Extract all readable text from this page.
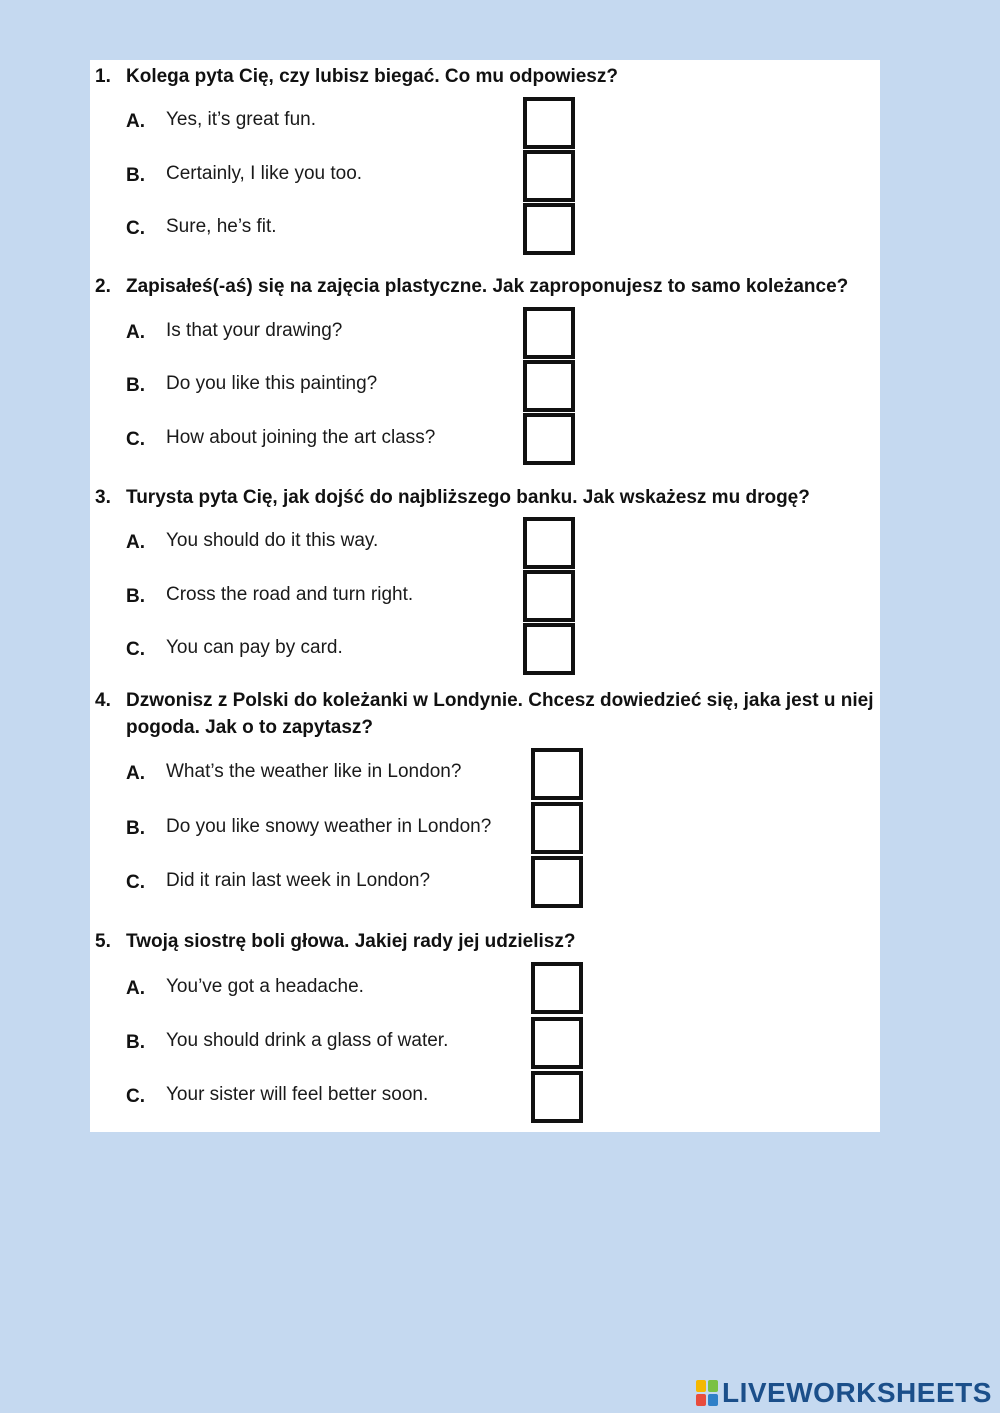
1. Kolega pyta Cię, czy lubisz biegać. Co mu odpowiesz?
A. Yes, it’s great fun.
B. Certainly, I like you too.
C. Sure, he’s fit.
2. Zapisałeś(-aś) się na zajęcia plastyczne. Jak zaproponujesz to samo koleżance?
A. Is that your drawing?
B. Do you like this painting?
C. How about joining the art class?
3. Turysta pyta Cię, jak dojść do najbliższego banku. Jak wskażesz mu drogę?
A. You should do it this way.
B. Cross the road and turn right.
C. You can pay by card.
4. Dzwonisz z Polski do koleżanki w Londynie. Chcesz dowiedzieć się, jaka jest u niej pogoda. Jak o to zapytasz?
A. What’s the weather like in London?
B. Do you like snowy weather in London?
C. Did it rain last week in London?
5. Twoją siostrę boli głowa. Jakiej rady jej udzielisz?
A. You’ve got a headache.
B. You should drink a glass of water.
C. Your sister will feel better soon.
LIVEWORKSHEETS
